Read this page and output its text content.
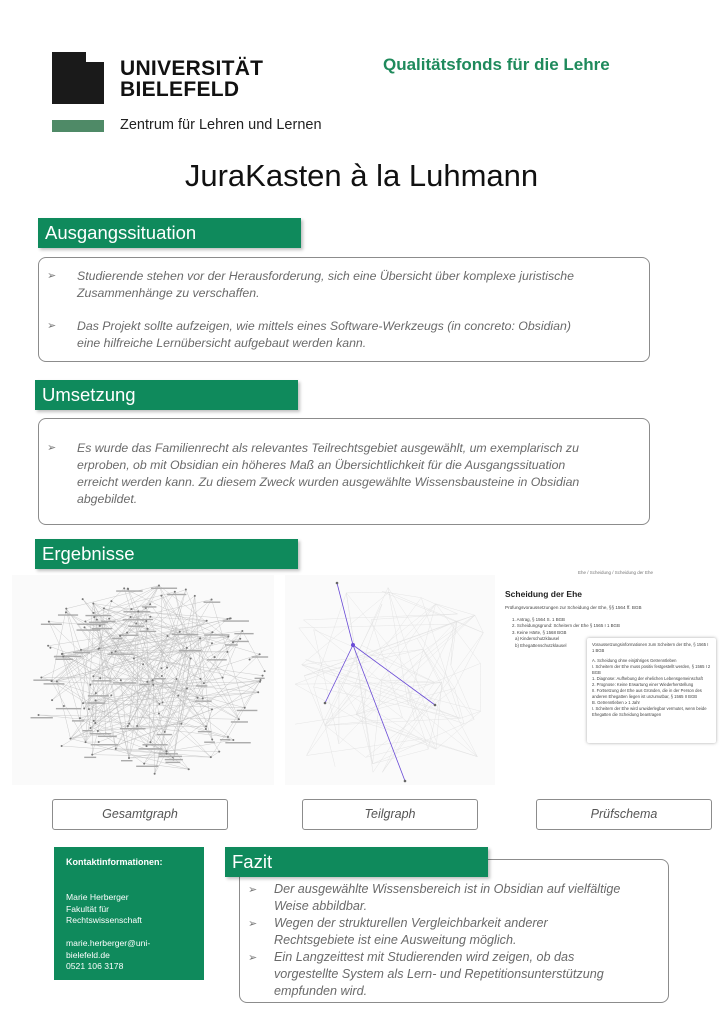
UNIVERSITÄT
BIELEFELD
Zentrum für Lehren und Lernen
Qualitätsfonds für die Lehre
JuraKasten à la Luhmann
➢ Studierende stehen vor der Herausforderung, sich eine Übersicht über komplexe juristische
Zusammenhänge zu verschaffen.
➢ Das Projekt sollte aufzeigen, wie mittels eines Software-Werkzeugs (in concreto: Obsidian)
eine hilfreiche Lernübersicht aufgebaut werden kann.
Ausgangssituation
➢ Es wurde das Familienrecht als relevantes Teilrechtsgebiet ausgewählt, um exemplarisch zu
erproben, ob mit Obsidian ein höheres Maß an Übersichtlichkeit für die Ausgangssituation
erreicht werden kann. Zu diesem Zweck wurden ausgewählte Wissensbausteine in Obsidian
abgebildet.
Umsetzung
Ergebnisse
Ehe / Scheidung / Scheidung der Ehe
Scheidung der Ehe
Prüfungsvoraussetzungen zur Scheidung der Ehe, §§ 1564 ff. BGB
1. Antrag, § 1564 S. 1 BGB
2. Scheidungsgrund: Scheitern der Ehe § 1565 I 1 BGB
3. Keine Härte, § 1568 BGB
a) Kinderschutzklausel
b) Ehegattenschutzklausel	Voraussetzungsinformationen zum Scheitern der Ehe, § 1565 I 1 BGB
A. Scheidung ohne einjähriges Getrenntleben
I. Scheitern der Ehe muss positiv festgestellt werden, § 1565 I 2 BGB
1. Diagnose: Aufhebung der ehelichen Lebensgemeinschaft
2. Prognose: Keine Erwartung einer Wiederherstellung
II. Fortsetzung der Ehe aus Gründen, die in der Person des anderen Ehegatten liegen ist unzumutbar, § 1565 II BGB
B. Getrenntleben ≥ 1 Jahr
I. Scheitern der Ehe wird unwiderlegbar vermutet, wenn beide Ehegatten die Scheidung beantragen
Gesamtgraph	Teilgraph	Prüfschema
Kontaktinformationen:
Marie Herberger
Fakultät für
Rechtswissenschaft
marie.herberger@uni-
bielefeld.de
0521 106 3178
➢ Der ausgewählte Wissensbereich ist in Obsidian auf vielfältige
Weise abbildbar.
➢ Wegen der strukturellen Vergleichbarkeit anderer
Rechtsgebiete ist eine Ausweitung möglich.
➢ Ein Langzeittest mit Studierenden wird zeigen, ob das
vorgestellte System als Lern- und Repetitionsunterstützung
empfunden wird.
Fazit
